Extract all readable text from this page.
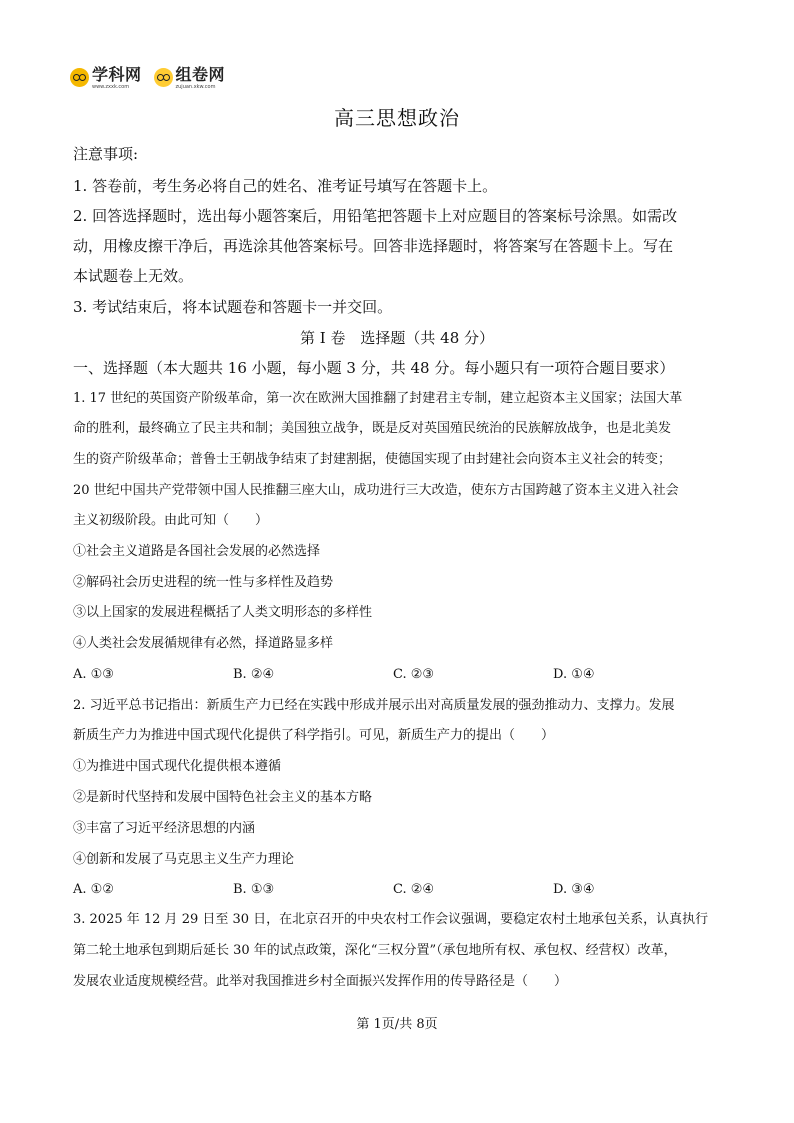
学科网
www.zxxk.com
组卷网
zujuan.xkw.com
高三思想政治
注意事项:
1. 答卷前，考生务必将自己的姓名、准考证号填写在答题卡上。
2. 回答选择题时，选出每小题答案后，用铅笔把答题卡上对应题目的答案标号涂黑。如需改
动，用橡皮擦干净后，再选涂其他答案标号。回答非选择题时，将答案写在答题卡上。写在
本试题卷上无效。
3. 考试结束后，将本试题卷和答题卡一并交回。
第 I 卷　选择题（共 48 分）
一、选择题（本大题共 16 小题，每小题 3 分，共 48 分。每小题只有一项符合题目要求）
1. 17 世纪的英国资产阶级革命，第一次在欧洲大国推翻了封建君主专制，建立起资本主义国家；法国大革
命的胜利，最终确立了民主共和制；美国独立战争，既是反对英国殖民统治的民族解放战争，也是北美发
生的资产阶级革命；普鲁士王朝战争结束了封建割据，使德国实现了由封建社会向资本主义社会的转变；
20 世纪中国共产党带领中国人民推翻三座大山，成功进行三大改造，使东方古国跨越了资本主义进入社会
主义初级阶段。由此可知（　　）
①社会主义道路是各国社会发展的必然选择
②解码社会历史进程的统一性与多样性及趋势
③以上国家的发展进程概括了人类文明形态的多样性
④人类社会发展循规律有必然，择道路显多样
A. ①③	B. ②④	C. ②③	D. ①④
2. 习近平总书记指出：新质生产力已经在实践中形成并展示出对高质量发展的强劲推动力、支撑力。发展
新质生产力为推进中国式现代化提供了科学指引。可见，新质生产力的提出（　　）
①为推进中国式现代化提供根本遵循
②是新时代坚持和发展中国特色社会主义的基本方略
③丰富了习近平经济思想的内涵
④创新和发展了马克思主义生产力理论
A. ①②	B. ①③	C. ②④	D. ③④
3. 2025 年 12 月 29 日至 30 日，在北京召开的中央农村工作会议强调，要稳定农村土地承包关系，认真执行
第二轮土地承包到期后延长 30 年的试点政策，深化“三权分置”（承包地所有权、承包权、经营权）改革，
发展农业适度规模经营。此举对我国推进乡村全面振兴发挥作用的传导路径是（　　）
第 1页/共 8页
